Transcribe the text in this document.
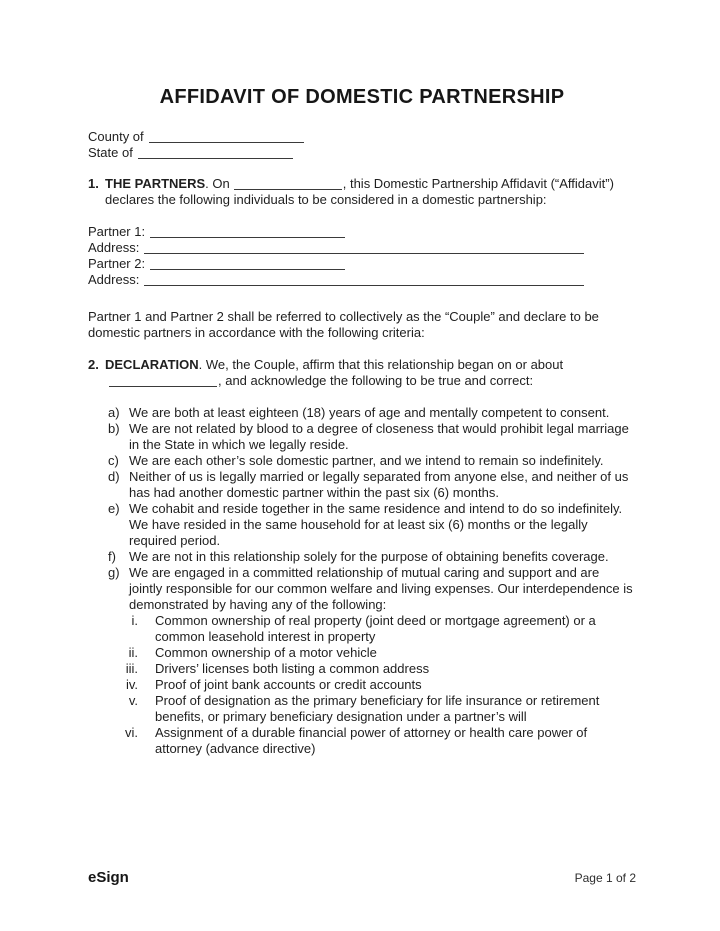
AFFIDAVIT OF DOMESTIC PARTNERSHIP
County of
State of
1. THE PARTNERS. On	, this Domestic Partnership Affidavit (“Affidavit”) declares the following individuals to be considered in a domestic partnership:
Partner 1:
Address:
Partner 2:
Address:
Partner 1 and Partner 2 shall be referred to collectively as the “Couple” and declare to be domestic partners in accordance with the following criteria:
2. DECLARATION. We, the Couple, affirm that this relationship began on or about, and acknowledge the following to be true and correct:
a) We are both at least eighteen (18) years of age and mentally competent to consent.
b) We are not related by blood to a degree of closeness that would prohibit legal marriage in the State in which we legally reside.
c) We are each other’s sole domestic partner, and we intend to remain so indefinitely.
d) Neither of us is legally married or legally separated from anyone else, and neither of us has had another domestic partner within the past six (6) months.
e) We cohabit and reside together in the same residence and intend to do so indefinitely. We have resided in the same household for at least six (6) months or the legally required period.
f)	We are not in this relationship solely for the purpose of obtaining benefits coverage.
g) We are engaged in a committed relationship of mutual caring and support and are jointly responsible for our common welfare and living expenses. Our interdependence is demonstrated by having any of the following:
i. Common ownership of real property (joint deed or mortgage agreement) or a common leasehold interest in property
ii. Common ownership of a motor vehicle
iii. Drivers’ licenses both listing a common address
iv. Proof of joint bank accounts or credit accounts
v. Proof of designation as the primary beneficiary for life insurance or retirement benefits, or primary beneficiary designation under a partner’s will
vi. Assignment of a durable financial power of attorney or health care power of attorney (advance directive)
eSign	Page 1 of 2
